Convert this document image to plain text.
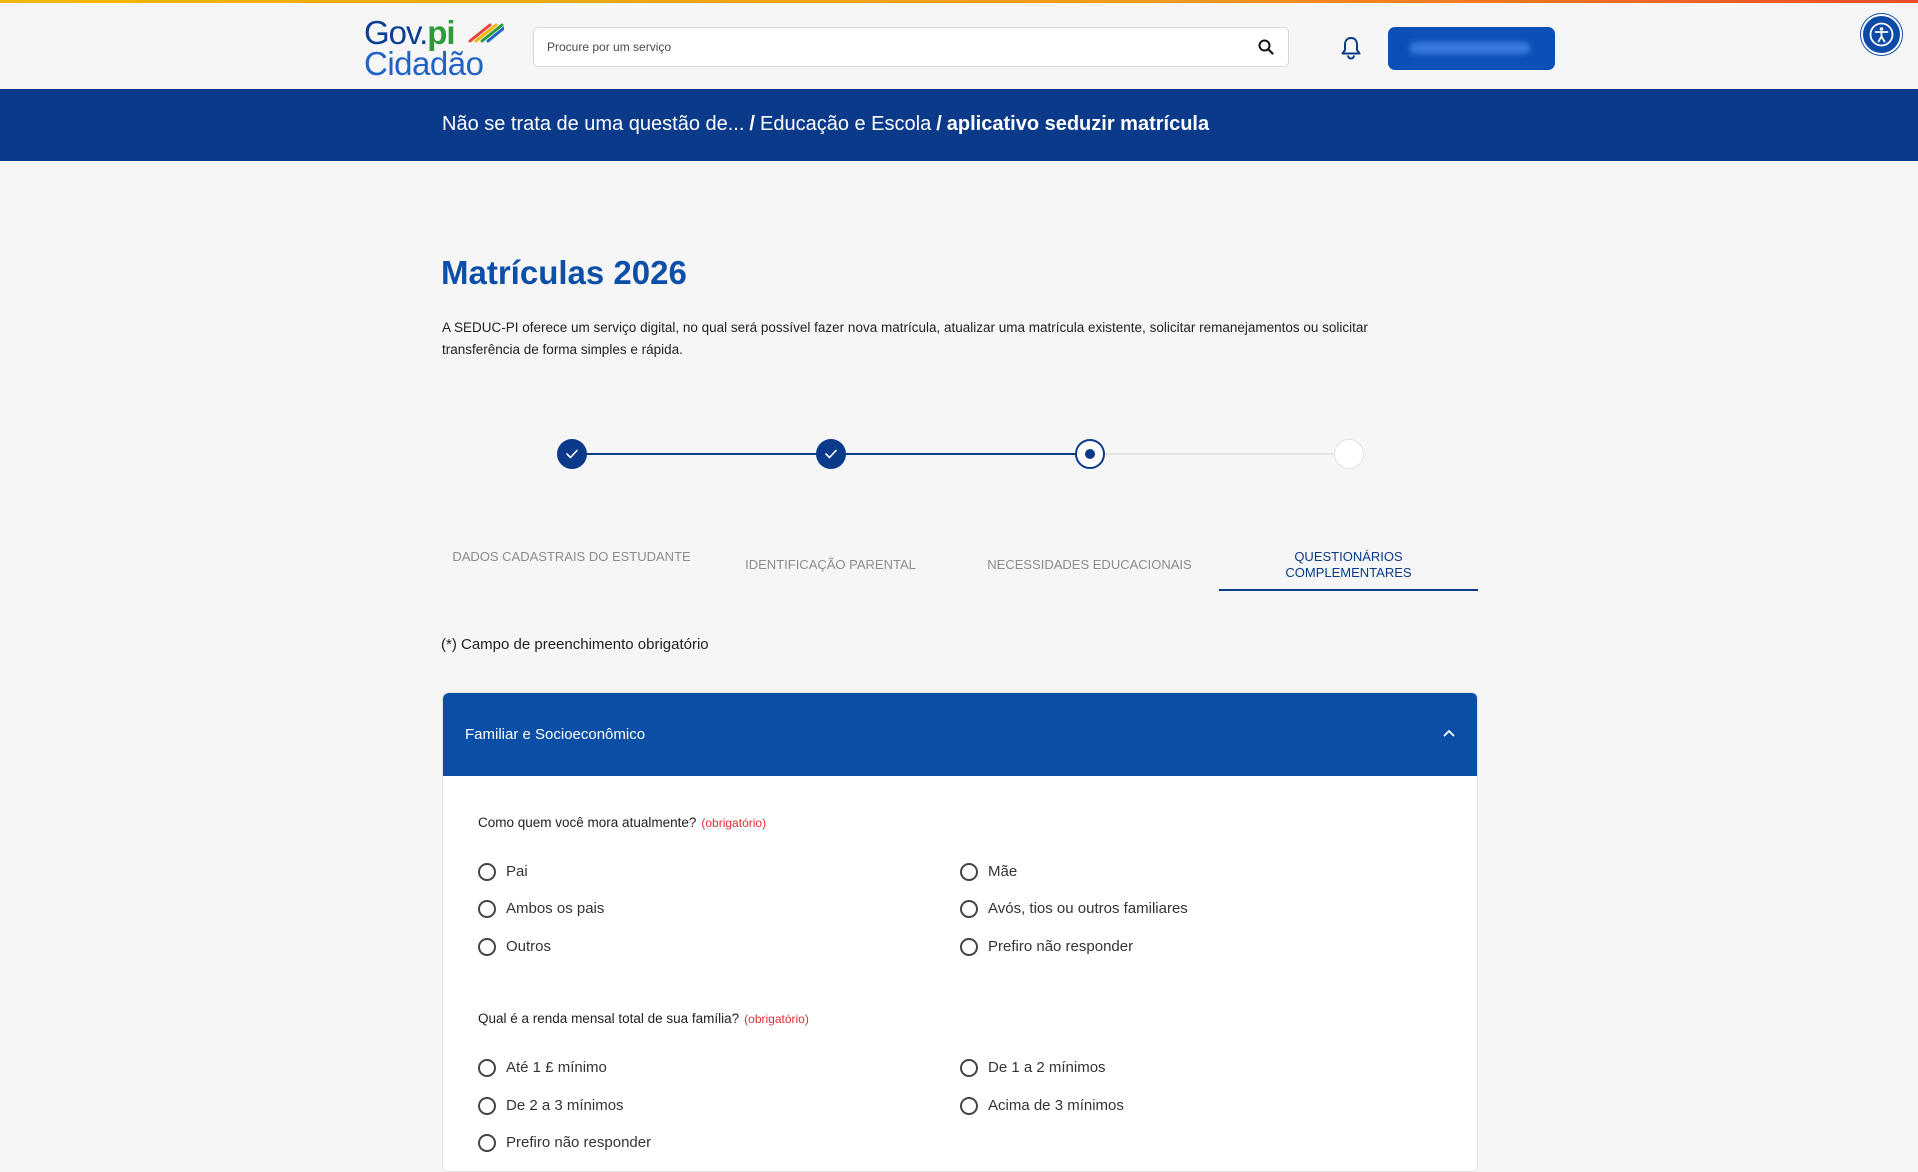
Gov.pi
Cidadão
Procure por um serviço
Não se trata de uma questão de... / Educação e Escola / aplicativo seduzir matrícula
Matrículas 2026

A SEDUC-PI oferece um serviço digital, no qual será possível fazer nova matrícula, atualizar uma matrícula existente, solicitar remanejamentos ou solicitar transferência de forma simples e rápida.

DADOS CADASTRAIS DO ESTUDANTE
IDENTIFICAÇÃO PARENTAL	NECESSIDADES EDUCACIONAIS
QUESTIONÁRIOS COMPLEMENTARES
(*) Campo de preenchimento obrigatório
Familiar e Socioeconômico
Como quem você mora atualmente? (obrigatório)
Pai	Mãe
Ambos os pais	Avós, tios ou outros familiares
Outros	Prefiro não responder
Qual é a renda mensal total de sua família? (obrigatório)
Até 1 £ mínimo	De 1 a 2 mínimos
De 2 a 3 mínimos	Acima de 3 mínimos
Prefiro não responder
